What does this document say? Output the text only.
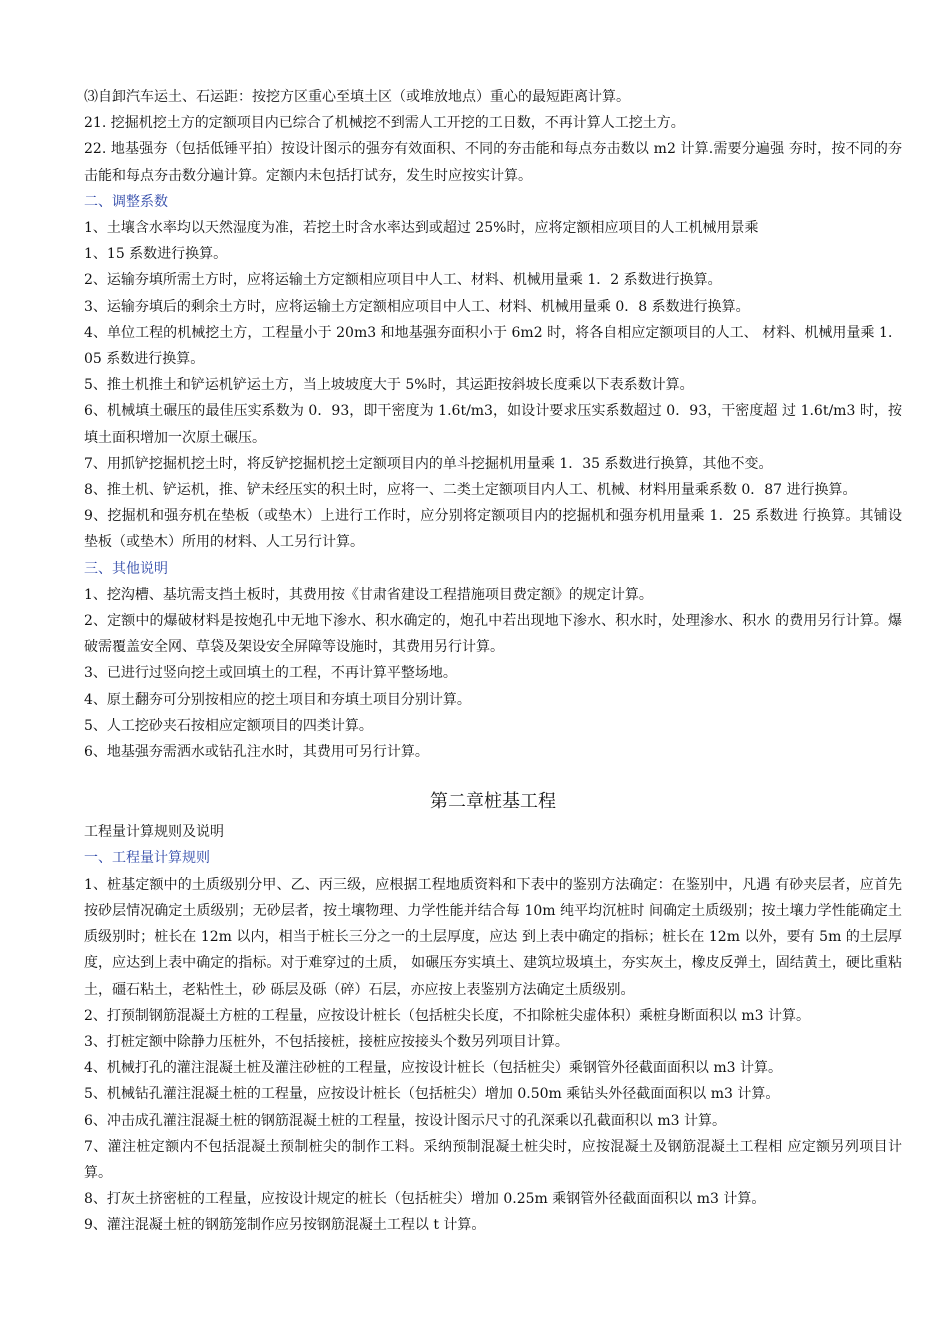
⑶自卸汽车运土、石运距：按挖方区重心至填土区（或堆放地点）重心的最短距离计算。

21. 挖掘机挖土方的定额项目内已综合了机械挖不到需人工开挖的工日数，不再计算人工挖土方。

22. 地基强夯（包括低锤平拍）按设计图示的强夯有效面积、不同的夯击能和每点夯击数以 m2 计算.需要分遍强 夯时，按不同的夯击能和每点夯击数分遍计算。定额内未包括打试夯，发生时应按实计算。

二、调整系数

1、土壤含水率均以天然湿度为准，若挖土时含水率达到或超过 25%时，应将定额相应项目的人工机械用景乘

1、15 系数进行换算。

2、运输夯填所需土方时，应将运输土方定额相应项目中人工、材料、机械用量乘 1．2 系数进行换算。

3、运输夯填后的剩余土方时，应将运输土方定额相应项目中人工、材料、机械用量乘 0．8 系数进行换算。

4、单位工程的机械挖土方，工程量小于 20m3 和地基强夯面积小于 6m2 时，将各自相应定额项目的人工、 材料、机械用量乘 1．05 系数进行换算。

5、推土机推土和铲运机铲运土方，当上坡坡度大于 5%时，其运距按斜坡长度乘以下表系数计算。

6、机械填土碾压的最佳压实系数为 0．93，即干密度为 1.6t/m3，如设计要求压实系数超过 0．93，干密度超 过 1.6t/m3 时，按填土面积增加一次原土碾压。

7、用抓铲挖掘机挖土时，将反铲挖掘机挖土定额项目内的单斗挖掘机用量乘 1．35 系数进行换算，其他不变。

8、推土机、铲运机，推、铲未经压实的积土时，应将一、二类土定额项目内人工、机械、材料用量乘系数 0．87 进行换算。

9、挖掘机和强夯机在垫板（或垫木）上进行工作时，应分别将定额项目内的挖掘机和强夯机用量乘 1．25 系数进 行换算。其铺设垫板（或垫木）所用的材料、人工另行计算。

三、其他说明

1、挖沟槽、基坑需支挡土板时，其费用按《甘肃省建设工程措施项目费定额》的规定计算。

2、定额中的爆破材料是按炮孔中无地下渗水、积水确定的，炮孔中若出现地下渗水、积水时，处理渗水、积水 的费用另行计算。爆破需覆盖安全网、草袋及架设安全屏障等设施时，其费用另行计算。

3、已进行过竖向挖土或回填土的工程，不再计算平整场地。

4、原土翻夯可分别按相应的挖土项目和夯填土项目分别计算。

5、人工挖砂夹石按相应定额项目的四类计算。

6、地基强夯需洒水或钻孔注水时，其费用可另行计算。

第二章桩基工程

工程量计算规则及说明

一、工程量计算规则

1、桩基定额中的土质级别分甲、乙、丙三级，应根据工程地质资料和下表中的鉴别方法确定：在鉴别中，凡遇 有砂夹层者，应首先按砂层情况确定土质级别；无砂层者，按土壤物理、力学性能并结合每 10m 纯平均沉桩时 间确定土质级别；按土壤力学性能确定土质级别时；桩长在 12m 以内，相当于桩长三分之一的土层厚度，应达 到上表中确定的指标；桩长在 12m 以外，要有 5m 的土层厚度，应达到上表中确定的指标。对于难穿过的土质， 如碾压夯实填土、建筑垃圾填土，夯实灰土，橡皮反弹土，固结黄土，硬比重粘土，礓石粘土，老粘性土，砂 砾层及砾（碎）石层，亦应按上表鉴别方法确定土质级别。

2、打预制钢筋混凝土方桩的工程量，应按设计桩长（包括桩尖长度，不扣除桩尖虚体积）乘桩身断面积以 m3 计算。

3、打桩定额中除静力压桩外，不包括接桩，接桩应按接头个数另列项目计算。

4、机械打孔的灌注混凝土桩及灌注砂桩的工程量，应按设计桩长（包括桩尖）乘钢管外径截面面积以 m3 计算。

5、机械钻孔灌注混凝土桩的工程量，应按设计桩长（包括桩尖）增加 0.50m 乘钻头外径截面面积以 m3 计算。

6、冲击成孔灌注混凝土桩的钢筋混凝土桩的工程量，按设计图示尺寸的孔深乘以孔截面积以 m3 计算。

7、灌注桩定额内不包括混凝土预制桩尖的制作工料。采纳预制混凝土桩尖时，应按混凝土及钢筋混凝土工程相 应定额另列项目计算。

8、打灰土挤密桩的工程量，应按设计规定的桩长（包括桩尖）增加 0.25m 乘钢管外径截面面积以 m3 计算。

9、灌注混凝土桩的钢筋笼制作应另按钢筋混凝土工程以 t 计算。
